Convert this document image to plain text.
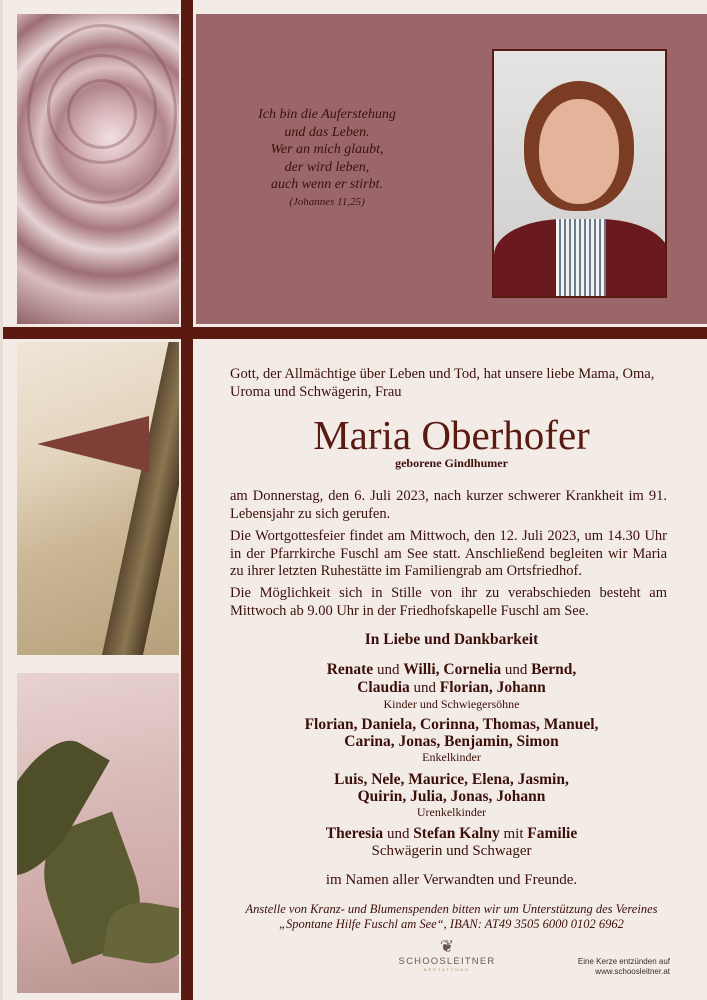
Ich bin die Auferstehung
und das Leben.
Wer an mich glaubt,
der wird leben,
auch wenn er stirbt.
(Johannes 11,25)
Gott, der Allmächtige über Leben und Tod, hat unsere liebe Mama, Oma, Uroma und Schwägerin, Frau
Maria Oberhofer
geborene Gindlhumer
am Donnerstag, den 6. Juli 2023, nach kurzer schwerer Krankheit im 91. Lebensjahr zu sich gerufen.
Die Wortgottesfeier findet am Mittwoch, den 12. Juli 2023, um 14.30 Uhr in der Pfarrkirche Fuschl am See statt. Anschließend begleiten wir Maria zu ihrer letzten Ruhestätte im Familiengrab am Ortsfriedhof.
Die Möglichkeit sich in Stille von ihr zu verabschieden besteht am Mittwoch ab 9.00 Uhr in der Friedhofskapelle Fuschl am See.
In Liebe und Dankbarkeit
Renate und Willi, Cornelia und Bernd,
Claudia und Florian, Johann
Kinder und Schwiegersöhne
Florian, Daniela, Corinna, Thomas, Manuel,
Carina, Jonas, Benjamin, Simon
Enkelkinder
Luis, Nele, Maurice, Elena, Jasmin,
Quirin, Julia, Jonas, Johann
Urenkelkinder
Theresia und Stefan Kalny mit Familie
Schwägerin und Schwager
im Namen aller Verwandten und Freunde.
Anstelle von Kranz- und Blumenspenden bitten wir um Unterstützung des Vereines
„Spontane Hilfe Fuschl am See“, IBAN: AT49 3505 6000 0102 6962
❦
SCHOOSLEITNER
BESTATTUNG
Eine Kerze entzünden auf
www.schoosleitner.at
